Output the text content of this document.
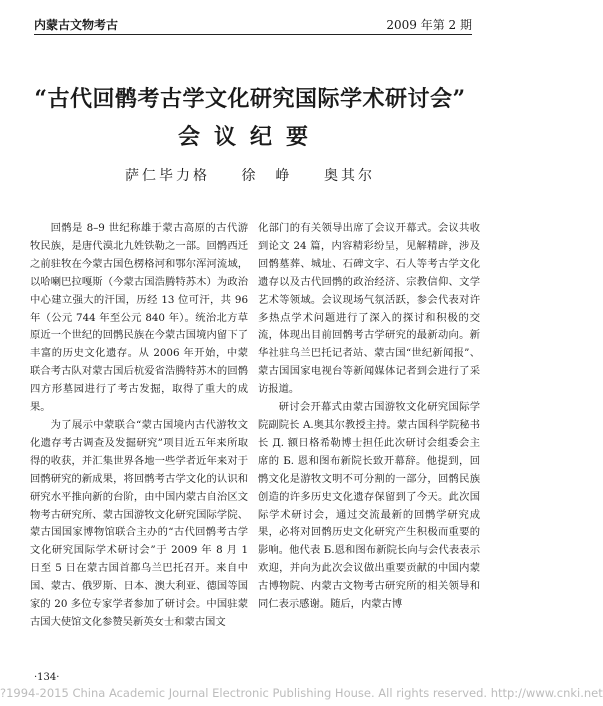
内蒙古文物考古	2009 年第 2 期
“古代回鹘考古学文化研究国际学术研讨会”
会议纪要
萨仁毕力格 徐　峥 奥其尔

回鹘是 8–9 世纪称雄于蒙古高原的古代游牧民族，是唐代漠北九姓铁勒之一部。回鹘西迁之前驻牧在今蒙古国色楞格河和鄂尔浑河流域，以哈喇巴拉嘎斯（今蒙古国浩腾特苏木）为政治中心建立强大的汗国，历经 13 位可汗，共 96 年（公元 744 年至公元 840 年）。统治北方草原近一个世纪的回鹘民族在今蒙古国境内留下了丰富的历史文化遗存。从 2006 年开始，中蒙联合考古队对蒙古国后杭爱省浩腾特苏木的回鹘四方形墓园进行了考古发掘，取得了重大的成果。

为了展示中蒙联合“蒙古国境内古代游牧文化遗存考古调查及发掘研究”项目近五年来所取得的收获，并汇集世界各地一些学者近年来对于回鹘研究的新成果，将回鹘考古学文化的认识和研究水平推向新的台阶，由中国内蒙古自治区文物考古研究所、蒙古国游牧文化研究国际学院、蒙古国国家博物馆联合主办的“古代回鹘考古学文化研究国际学术研讨会”于 2009 年 8 月 1 日至 5 日在蒙古国首都乌兰巴托召开。来自中国、蒙古、俄罗斯、日本、澳大利亚、德国等国家的 20 多位专家学者参加了研讨会。中国驻蒙古国大使馆文化参赞吴新英女士和蒙古国文

化部门的有关领导出席了会议开幕式。会议共收到论文 24 篇，内容精彩纷呈，见解精辟，涉及回鹘墓葬、城址、石碑文字、石人等考古学文化遗存以及古代回鹘的政治经济、宗教信仰、文学艺术等领域。会议现场气氛活跃，参会代表对许多热点学术问题进行了深入的探讨和积极的交流，体现出目前回鹘考古学研究的最新动向。新华社驻乌兰巴托记者站、蒙古国“世纪新闻报”、蒙古国国家电视台等新闻媒体记者到会进行了采访报道。

研讨会开幕式由蒙古国游牧文化研究国际学院副院长 A.奥其尔教授主持。蒙古国科学院秘书长 Д. 额日格希勒博士担任此次研讨会组委会主席的 Б. 恩和图布新院长致开幕辞。他提到，回鹘文化是游牧文明不可分割的一部分，回鹘民族创造的许多历史文化遗存保留到了今天。此次国际学术研讨会，通过交流最新的回鹘学研究成果，必将对回鹘历史文化研究产生积极而重要的影响。他代表 Б.恩和图布新院长向与会代表表示欢迎，并向为此次会议做出重要贡献的中国内蒙古博物院、内蒙古文物考古研究所的相关领导和同仁表示感谢。随后，内蒙古博

·134·
?1994-2015 China Academic Journal Electronic Publishing House. All rights reserved. http://www.cnki.net
